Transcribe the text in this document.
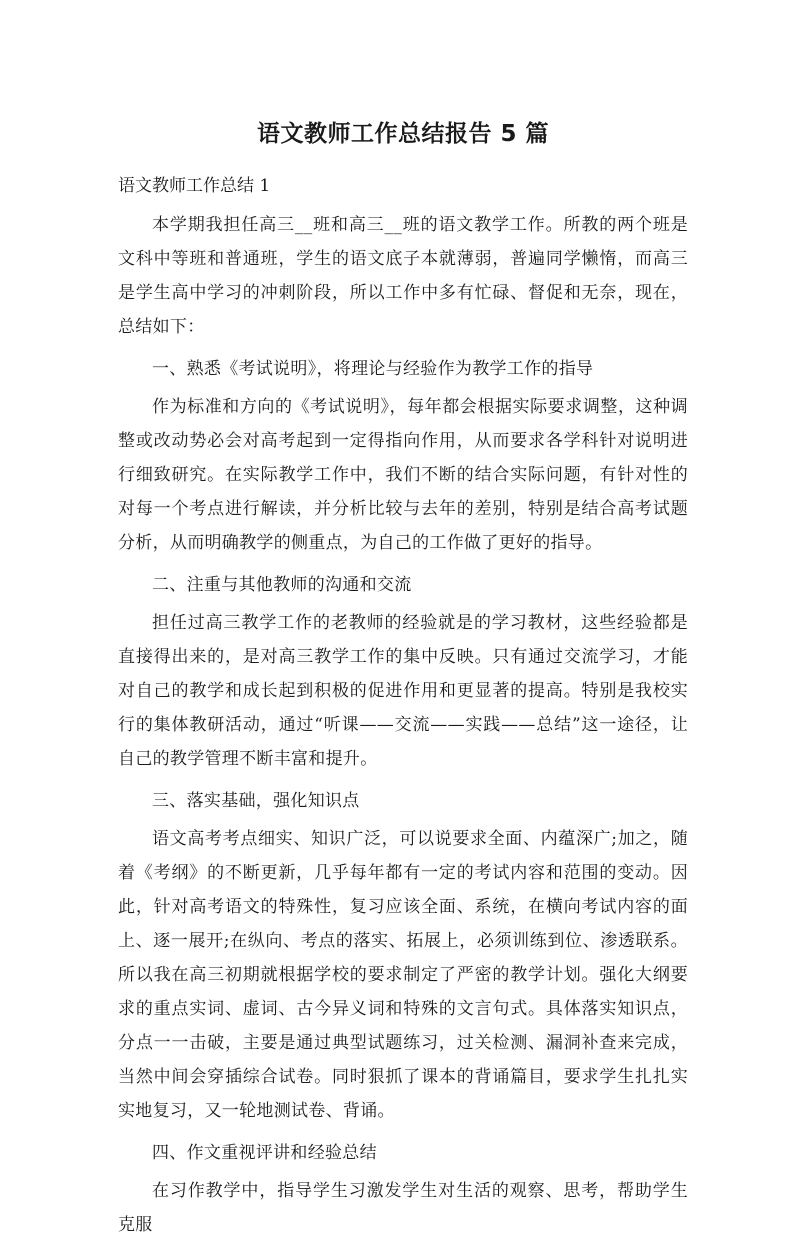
语文教师工作总结报告 5 篇

语文教师工作总结 1

本学期我担任高三__班和高三__班的语文教学工作。所教的两个班是文科中等班和普通班，学生的语文底子本就薄弱，普遍同学懒惰，而高三是学生高中学习的冲刺阶段，所以工作中多有忙碌、督促和无奈，现在，总结如下：

一、熟悉《考试说明》，将理论与经验作为教学工作的指导

作为标准和方向的《考试说明》，每年都会根据实际要求调整，这种调整或改动势必会对高考起到一定得指向作用，从而要求各学科针对说明进行细致研究。在实际教学工作中，我们不断的结合实际问题，有针对性的对每一个考点进行解读，并分析比较与去年的差别，特别是结合高考试题分析，从而明确教学的侧重点，为自己的工作做了更好的指导。

二、注重与其他教师的沟通和交流

担任过高三教学工作的老教师的经验就是的学习教材，这些经验都是直接得出来的，是对高三教学工作的集中反映。只有通过交流学习，才能对自己的教学和成长起到积极的促进作用和更显著的提高。特别是我校实行的集体教研活动，通过“听课——交流——实践——总结”这一途径，让自己的教学管理不断丰富和提升。

三、落实基础，强化知识点

语文高考考点细实、知识广泛，可以说要求全面、内蕴深广;加之，随着《考纲》的不断更新，几乎每年都有一定的考试内容和范围的变动。因此，针对高考语文的特殊性，复习应该全面、系统，在横向考试内容的面上、逐一展开;在纵向、考点的落实、拓展上，必须训练到位、渗透联系。所以我在高三初期就根据学校的要求制定了严密的教学计划。强化大纲要求的重点实词、虚词、古今异义词和特殊的文言句式。具体落实知识点，分点一一击破，主要是通过典型试题练习，过关检测、漏洞补查来完成，当然中间会穿插综合试卷。同时狠抓了课本的背诵篇目，要求学生扎扎实实地复习，又一轮地测试卷、背诵。

四、作文重视评讲和经验总结

在习作教学中，指导学生习激发学生对生活的观察、思考，帮助学生克服
